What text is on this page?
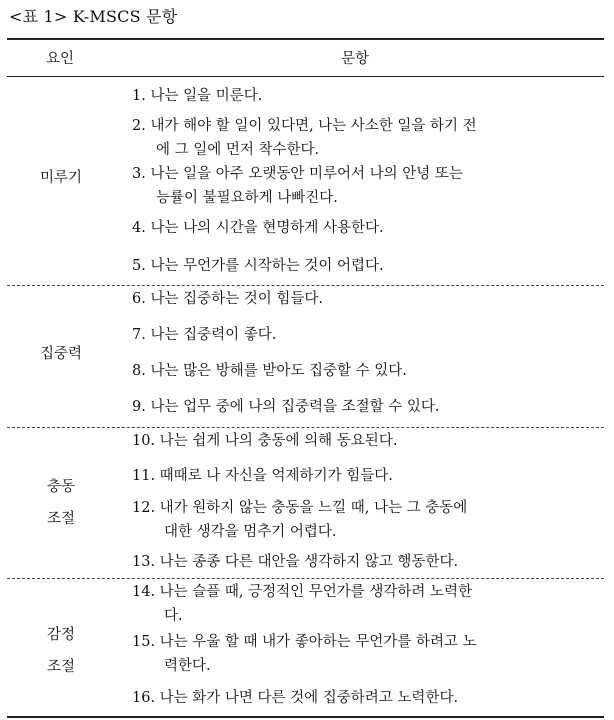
<표 1> K-MSCS 문항
요인	문항
미루기
1. 나는 일을 미룬다.
2. 내가 해야 할 일이 있다면, 나는 사소한 일을 하기 전
에 그 일에 먼저 착수한다.
3. 나는 일을 아주 오랫동안 미루어서 나의 안녕 또는
능률이 불필요하게 나빠진다.
4. 나는 나의 시간을 현명하게 사용한다.
5. 나는 무언가를 시작하는 것이 어렵다.
집중력
6. 나는 집중하는 것이 힘들다.
7. 나는 집중력이 좋다.
8. 나는 많은 방해를 받아도 집중할 수 있다.
9. 나는 업무 중에 나의 집중력을 조절할 수 있다.
충동
조절
10. 나는 쉽게 나의 충동에 의해 동요된다.
11. 때때로 나 자신을 억제하기가 힘들다.
12. 내가 원하지 않는 충동을 느낄 때, 나는 그 충동에
대한 생각을 멈추기 어렵다.
13. 나는 종종 다른 대안을 생각하지 않고 행동한다.
감정
조절
14. 나는 슬플 때, 긍정적인 무언가를 생각하려 노력한
다.
15. 나는 우울 할 때 내가 좋아하는 무언가를 하려고 노
력한다.
16. 나는 화가 나면 다른 것에 집중하려고 노력한다.
